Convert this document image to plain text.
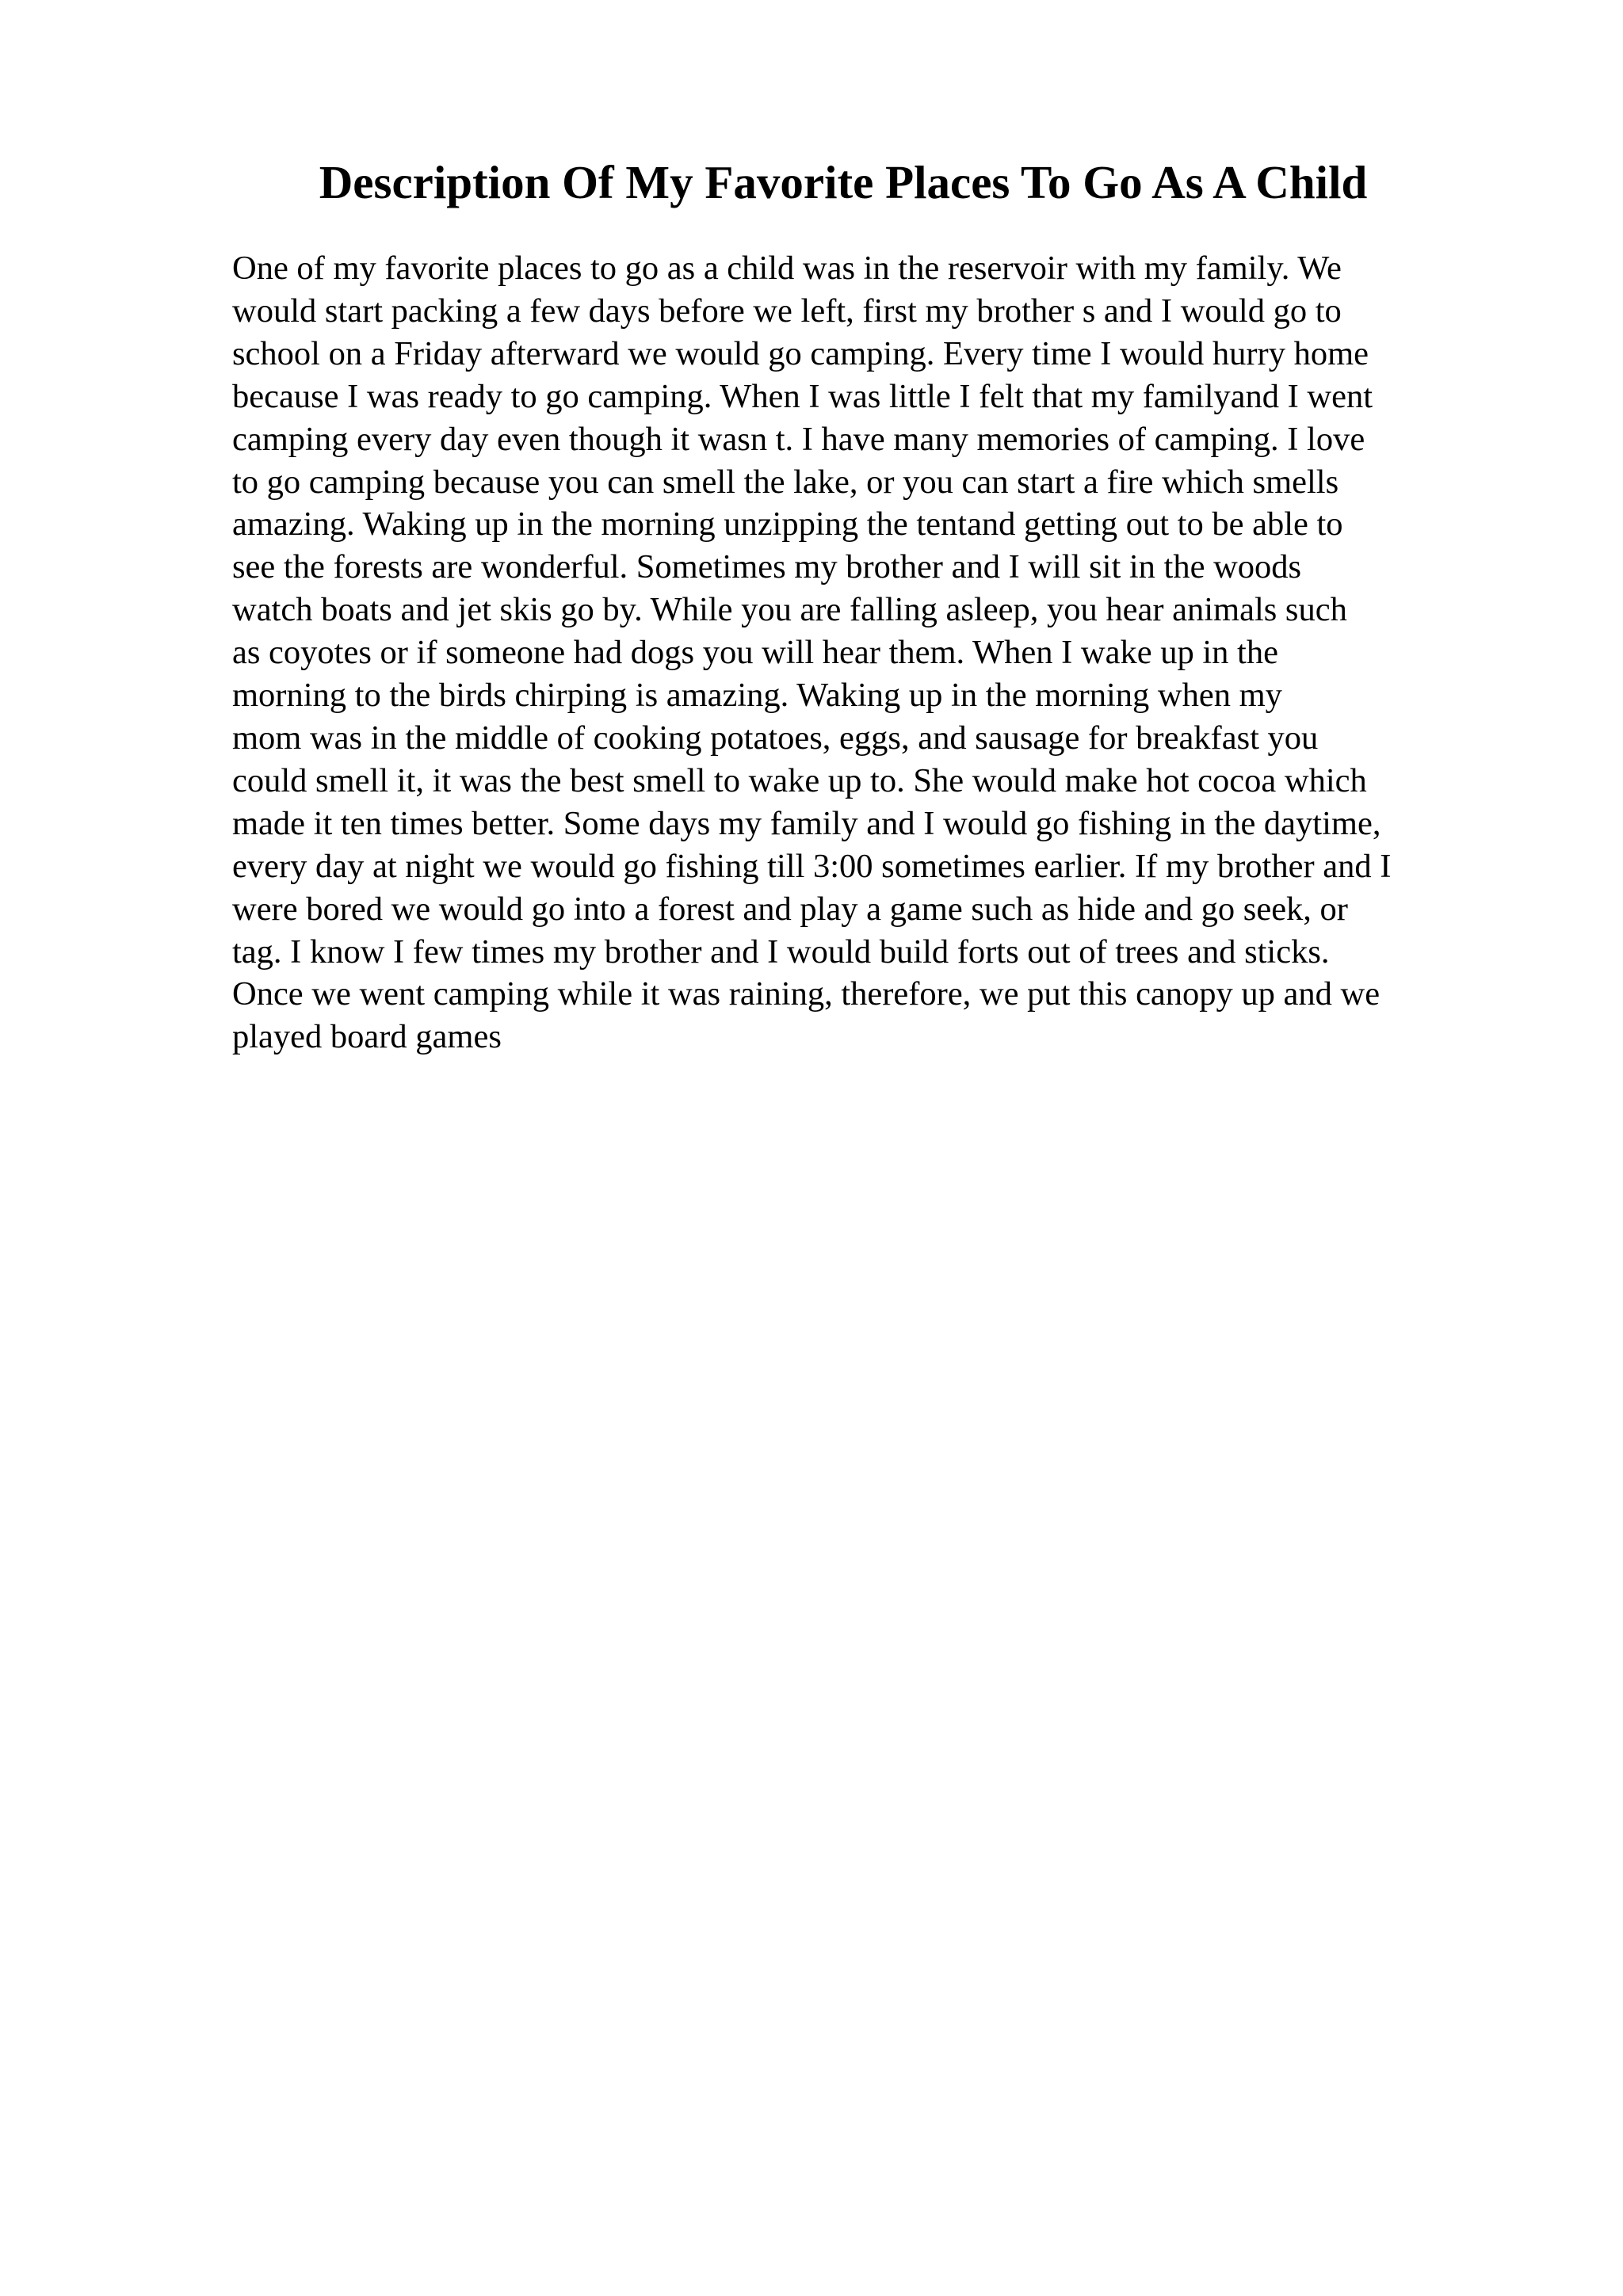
Description Of My Favorite Places To Go As A Child
One of my favorite places to go as a child was in the reservoir with my family. We
would start packing a few days before we left, first my brother s and I would go to
school on a Friday afterward we would go camping. Every time I would hurry home
because I was ready to go camping. When I was little I felt that my familyand I went
camping every day even though it wasn t. I have many memories of camping. I love
to go camping because you can smell the lake, or you can start a fire which smells
amazing. Waking up in the morning unzipping the tentand getting out to be able to
see the forests are wonderful. Sometimes my brother and I will sit in the woods
watch boats and jet skis go by. While you are falling asleep, you hear animals such
as coyotes or if someone had dogs you will hear them. When I wake up in the
morning to the birds chirping is amazing. Waking up in the morning when my
mom was in the middle of cooking potatoes, eggs, and sausage for breakfast you
could smell it, it was the best smell to wake up to. She would make hot cocoa which
made it ten times better. Some days my family and I would go fishing in the daytime,
every day at night we would go fishing till 3:00 sometimes earlier. If my brother and I
were bored we would go into a forest and play a game such as hide and go seek, or
tag. I know I few times my brother and I would build forts out of trees and sticks.
Once we went camping while it was raining, therefore, we put this canopy up and we
played board games
